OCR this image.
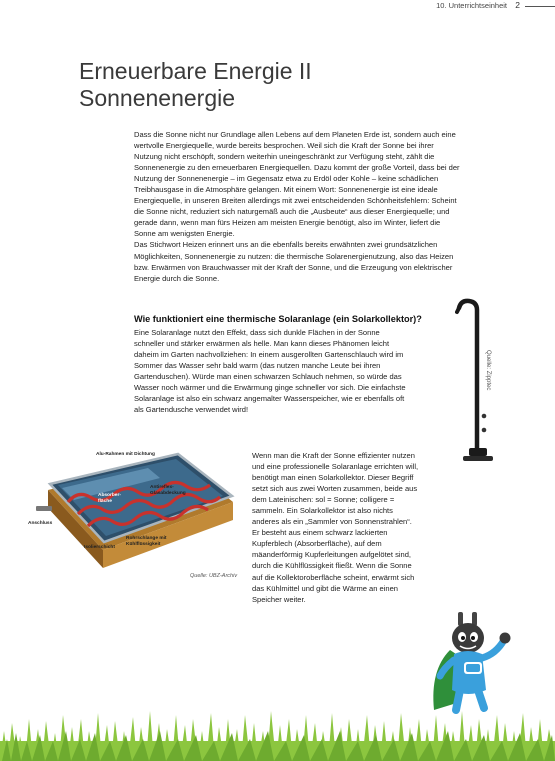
10. Unterrichtseinheit 2
Erneuerbare Energie II
Sonnenenergie

Dass die Sonne nicht nur Grundlage allen Lebens auf dem Planeten Erde ist, sondern auch eine wertvolle Energiequelle, wurde bereits besprochen. Weil sich die Kraft der Sonne bei ihrer Nutzung nicht erschöpft, sondern weiterhin uneingeschränkt zur Verfügung steht, zählt die Sonnenenergie zu den erneuerbaren Energiequellen. Dazu kommt der große Vorteil, dass bei der Nutzung der Sonnenenergie – im Gegensatz etwa zu Erdöl oder Kohle – keine schädlichen Treibhausgase in die Atmosphäre gelangen. Mit einem Wort: Sonnenenergie ist eine ideale Energiequelle, in unseren Breiten allerdings mit zwei entscheidenden Schönheitsfehlern: Scheint die Sonne nicht, reduziert sich naturgemäß auch die „Ausbeute“ aus dieser Energiequelle; und gerade dann, wenn man fürs Heizen am meisten Energie benötigt, also im Winter, liefert die Sonne am wenigsten Energie.

Das Stichwort Heizen erinnert uns an die ebenfalls bereits erwähnten zwei grundsätzlichen Möglichkeiten, Sonnenenergie zu nutzen: die thermische Solarenergienutzung, also das Heizen bzw. Erwärmen von Brauchwasser mit der Kraft der Sonne, und die Erzeugung von elektrischer Energie durch die Sonne.

Wie funktioniert eine thermische Solaranlage (ein Solarkollektor)?

Eine Solaranlage nutzt den Effekt, dass sich dunkle Flächen in der Sonne schneller und stärker erwärmen als helle. Man kann dieses Phänomen leicht daheim im Garten nachvollziehen: In einem ausgerollten Gartenschlauch wird im Sommer das Wasser sehr bald warm (das nutzen manche Leute bei ihren Gartenduschen). Würde man einen schwarzen Schlauch nehmen, so würde das Wasser noch wärmer und die Erwärmung ginge schneller vor sich. Die einfachste Solaranlage ist also ein schwarz angemalter Wasserspeicher, wie er ebenfalls oft als Gartendusche verwendet wird!

Wenn man die Kraft der Sonne effizienter nutzen und eine professionelle Solaranlage errichten will, benötigt man einen Solarkollektor. Dieser Begriff setzt sich aus zwei Worten zusammen, beide aus dem Lateinischen: sol = Sonne; colligere = sammeln. Ein Solarkollektor ist also nichts anderes als ein „Sammler von Sonnenstrahlen“. Er besteht aus einem schwarz lackierten Kupferblech (Absorberfläche), auf dem mäanderförmig Kupferleitungen aufgelötet sind, durch die Kühlflüssigkeit fließt. Wenn die Sonne auf die Kollektoroberfläche scheint, erwärmt sich das Kühlmittel und gibt die Wärme an einen Speicher weiter.

Quelle: Zipptec
Alu-Rahmen mit Dichtung
Antireflex-Glasabdeckung
Absorber-fläche
Anschluss
Isolierschicht
Rohrschlange mit Kühlflüssigkeit
Quelle: UBZ-Archiv
